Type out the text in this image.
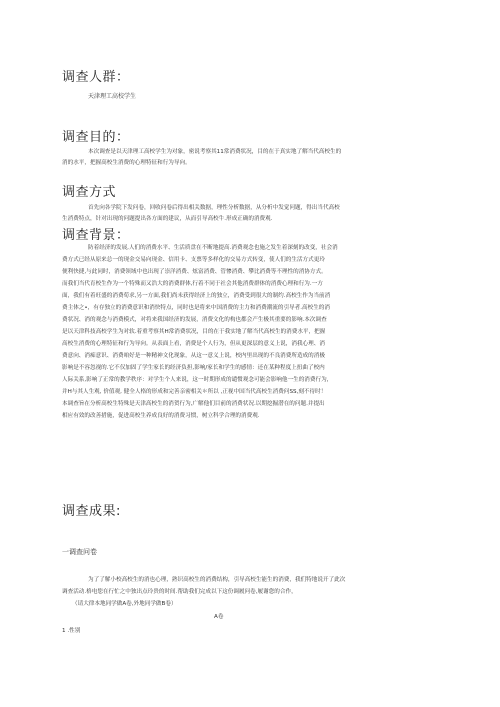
调查人群：
天津理工高校学生
调查目的：
本次调查是以天津理工高校学生为对象，密说考察其11常消费状况，目的在于真实地了解当代高校生的
消的水平，把握高校生消费的心理特征和行为导向。
调查方式
首先向各学院下发问卷，回收问卷后得出相关数据，理性分析数据，从分析中发觉问题，得出当代高校
生消费特点，针对出现的问题提出各方面的建议，从而引导高校牛.形成正确的消费观.
调查背景：
防着经济的发展,人们的消费水平、生活质盘在不断地提高.消费观念也施之发生着深刻的改变，社会消
费方式已经从原来总一的现金交易向现金、信用卡、支票等多样化的交易方式转变，使人们的生活方式更玲
便利快捷,与此同时，消费领域中也出现了崇洋消费、炫富消费、管惨消费、攀比消费等不理性的消协方式。
而我们当代育校生作为一个特殊而又浩大的消费群体,行着不同于社会其他消费群体的消费心理和行为.一方
面，我们有着旺盛的消费荀求,另一方面,我们尚未获得经济上的独立，消费受到很大的制约.高校生作为当前消
费主体之•，有存独立的消费意识和消快特点，同时也是将来中国消费的主力和消费潮流的引导者.高校生的消
费状况、消的观念与消费模式，对将来我国经济的发展，消费文化的构也都会产生极其重要的影响.本次调查
是以天津科技高校学生为对软.着重考察其H常消费状况，目的在于我实地了解当代高校生的消费水平，把握
高校生消费的心理特征和行为导向。从表面上看，消费是个人行为，但从更深层的意义上说，消我心理、消
费意向、消痴意识、消费咱好是一种精神文化现象，从这一意义上说，校内里出现的不良消费所造成的消极
影响是不容忽视的.它不仅加固了学生家长的经济负担,影响/家长和学生的感情：还在某种程度上扭曲了校内
人际关系,影响了正常的教学秩序：对学生个人来说，这一时期形成的谴惯观念可能会影响他一生的消费行为，
并H与其人生观, 价值观, 健全人格的形成和完善亲密相关＊所以 ,正视中国当代高校生消费问SS,刻不待时！
本调查旨在分析高校生特殊是天津高校生的消贺行为,广解他们目前的消费状况.以期挖掘潜在的问题.并提出
相应有效的改善措施，促进高校生养成良好的消费习惯，树立科学合理的消费观.
调查成果:
一调查问卷
为了了解小校高校生的消也心理，熟识高校生的消费结构，引导高校生能生的消费，我们特地说开了此次
调查活动.格电您在行忙之中独出点玲贵的时间.帮助我们完成以下这份调履问卷,履谢您的合作，
（请大律本地同学做A卷,外地同学做B卷）
A卷
1 .性别
